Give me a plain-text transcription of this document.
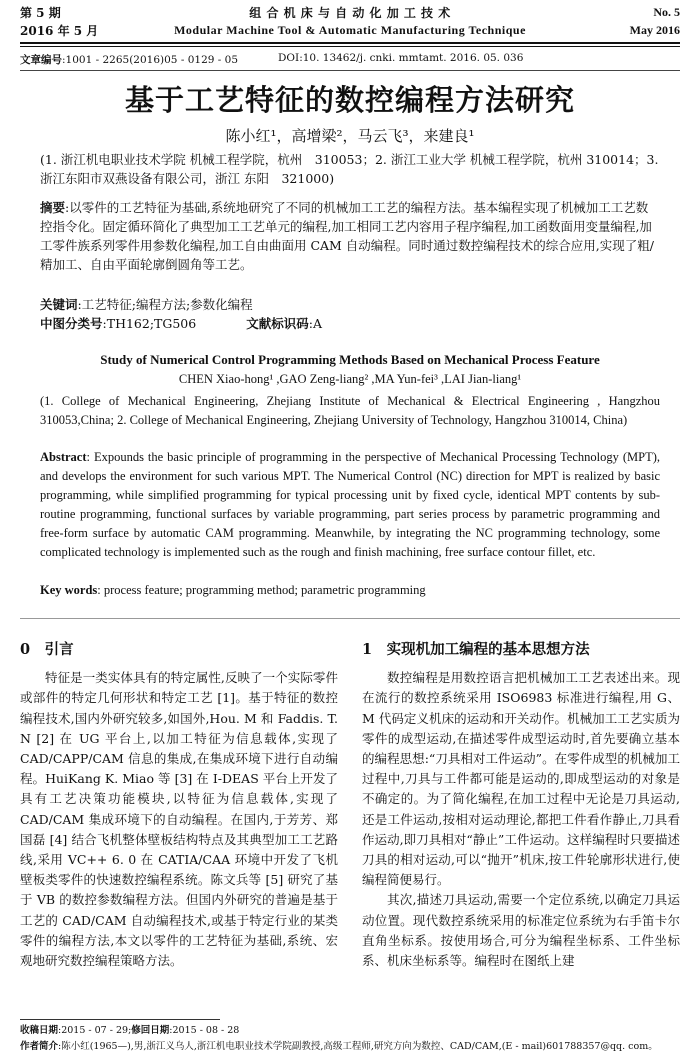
第 5 期	组 合 机 床 与 自 动 化 加 工 技 术	No. 5
2016 年 5 月	Modular Machine Tool & Automatic Manufacturing Technique	May 2016
文章编号:1001 - 2265(2016)05 - 0129 - 05	DOI:10. 13462/j. cnki. mmtamt. 2016. 05. 036
基于工艺特征的数控编程方法研究
陈小红¹，高增梁²，马云飞³，来建良¹
(1. 浙江机电职业技术学院 机械工程学院，杭州　310053；2. 浙江工业大学 机械工程学院，杭州 310014；3. 浙江东阳市双燕设备有限公司，浙江 东阳　321000)
摘要:以零件的工艺特征为基础,系统地研究了不同的机械加工工艺的编程方法。基本编程实现了机械加工工艺数控指令化。固定循环简化了典型加工工艺单元的编程,加工相同工艺内容用子程序编程,加工函数面用变量编程,加工零件族系列零件用参数化编程,加工自由曲面用 CAM 自动编程。同时通过数控编程技术的综合应用,实现了粗/精加工、自由平面轮廓倒圆角等工艺。
关键词:工艺特征;编程方法;参数化编程
中图分类号:TH162;TG506	文献标识码:A
Study of Numerical Control Programming Methods Based on Mechanical Process Feature
CHEN Xiao-hong¹ ,GAO Zeng-liang² ,MA Yun-fei³ ,LAI Jian-liang¹
(1. College of Mechanical Engineering, Zhejiang Institute of Mechanical & Electrical Engineering , Hangzhou 310053,China; 2. College of Mechanical Engineering, Zhejiang University of Technology, Hangzhou 310014, China)
Abstract: Expounds the basic principle of programming in the perspective of Mechanical Processing Technology (MPT), and develops the environment for such various MPT. The Numerical Control (NC) direction for MPT is realized by basic programming, while simplified programming for typical processing unit by fixed cycle, identical MPT contents by sub-routine programming, functional surfaces by variable programming, part series process by parametric programming and free-form surface by automatic CAM programming. Meanwhile, by integrating the NC programming technology, some complicated technology is implemented such as the rough and finish machining, free surface contour fillet, etc.
Key words: process feature; programming method; parametric programming
0　引言

特征是一类实体具有的特定属性,反映了一个实际零件或部件的特定几何形状和特定工艺 [1]。基于特征的数控编程技术,国内外研究较多,如国外,Hou. M 和 Faddis. T. N [2] 在 UG 平台上,以加工特征为信息载体,实现了 CAD/CAPP/CAM 信息的集成,在集成环境下进行自动编程。HuiKang K. Miao 等 [3] 在 I-DEAS 平台上开发了具有工艺决策功能模块,以特征为信息载体,实现了 CAD/CAM 集成环境下的自动编程。在国内,于芳芳、郑国磊 [4] 结合飞机整体壁板结构特点及其典型加工工艺路线,采用 VC++ 6. 0 在 CATIA/CAA 环境中开发了飞机壁板类零件的快速数控编程系统。陈文兵等 [5] 研究了基于 VB 的数控参数编程方法。但国内外研究的普遍是基于工艺的 CAD/CAM 自动编程技术,或基于特定行业的某类零件的编程方法,本文以零件的工艺特征为基础,系统、宏观地研究数控编程策略方法。

1　实现机加工编程的基本思想方法

数控编程是用数控语言把机械加工工艺表述出来。现在流行的数控系统采用 ISO6983 标准进行编程,用 G、M 代码定义机床的运动和开关动作。机械加工工艺实质为零件的成型运动,在描述零件成型运动时,首先要确立基本的编程思想:“刀具相对工件运动”。在零件成型的机械加工过程中,刀具与工件都可能是运动的,即成型运动的对象是不确定的。为了简化编程,在加工过程中无论是刀具运动,还是工件运动,按相对运动理论,都把工件看作静止,刀具看作运动,即刀具相对“静止”工件运动。这样编程时只要描述刀具的相对运动,可以“抛开”机床,按工件轮廓形状进行,使编程简便易行。

其次,描述刀具运动,需要一个定位系统,以确定刀具运动位置。现代数控系统采用的标准定位系统为右手笛卡尔直角坐标系。按使用场合,可分为编程坐标系、工件坐标系、机床坐标系等。编程时在图纸上建

收稿日期:2015 - 07 - 29;修回日期:2015 - 08 - 28
作者简介:陈小红(1965—),男,浙江义乌人,浙江机电职业技术学院副教授,高级工程师,研究方向为数控、CAD/CAM,(E - mail)601788357@qq. com。
